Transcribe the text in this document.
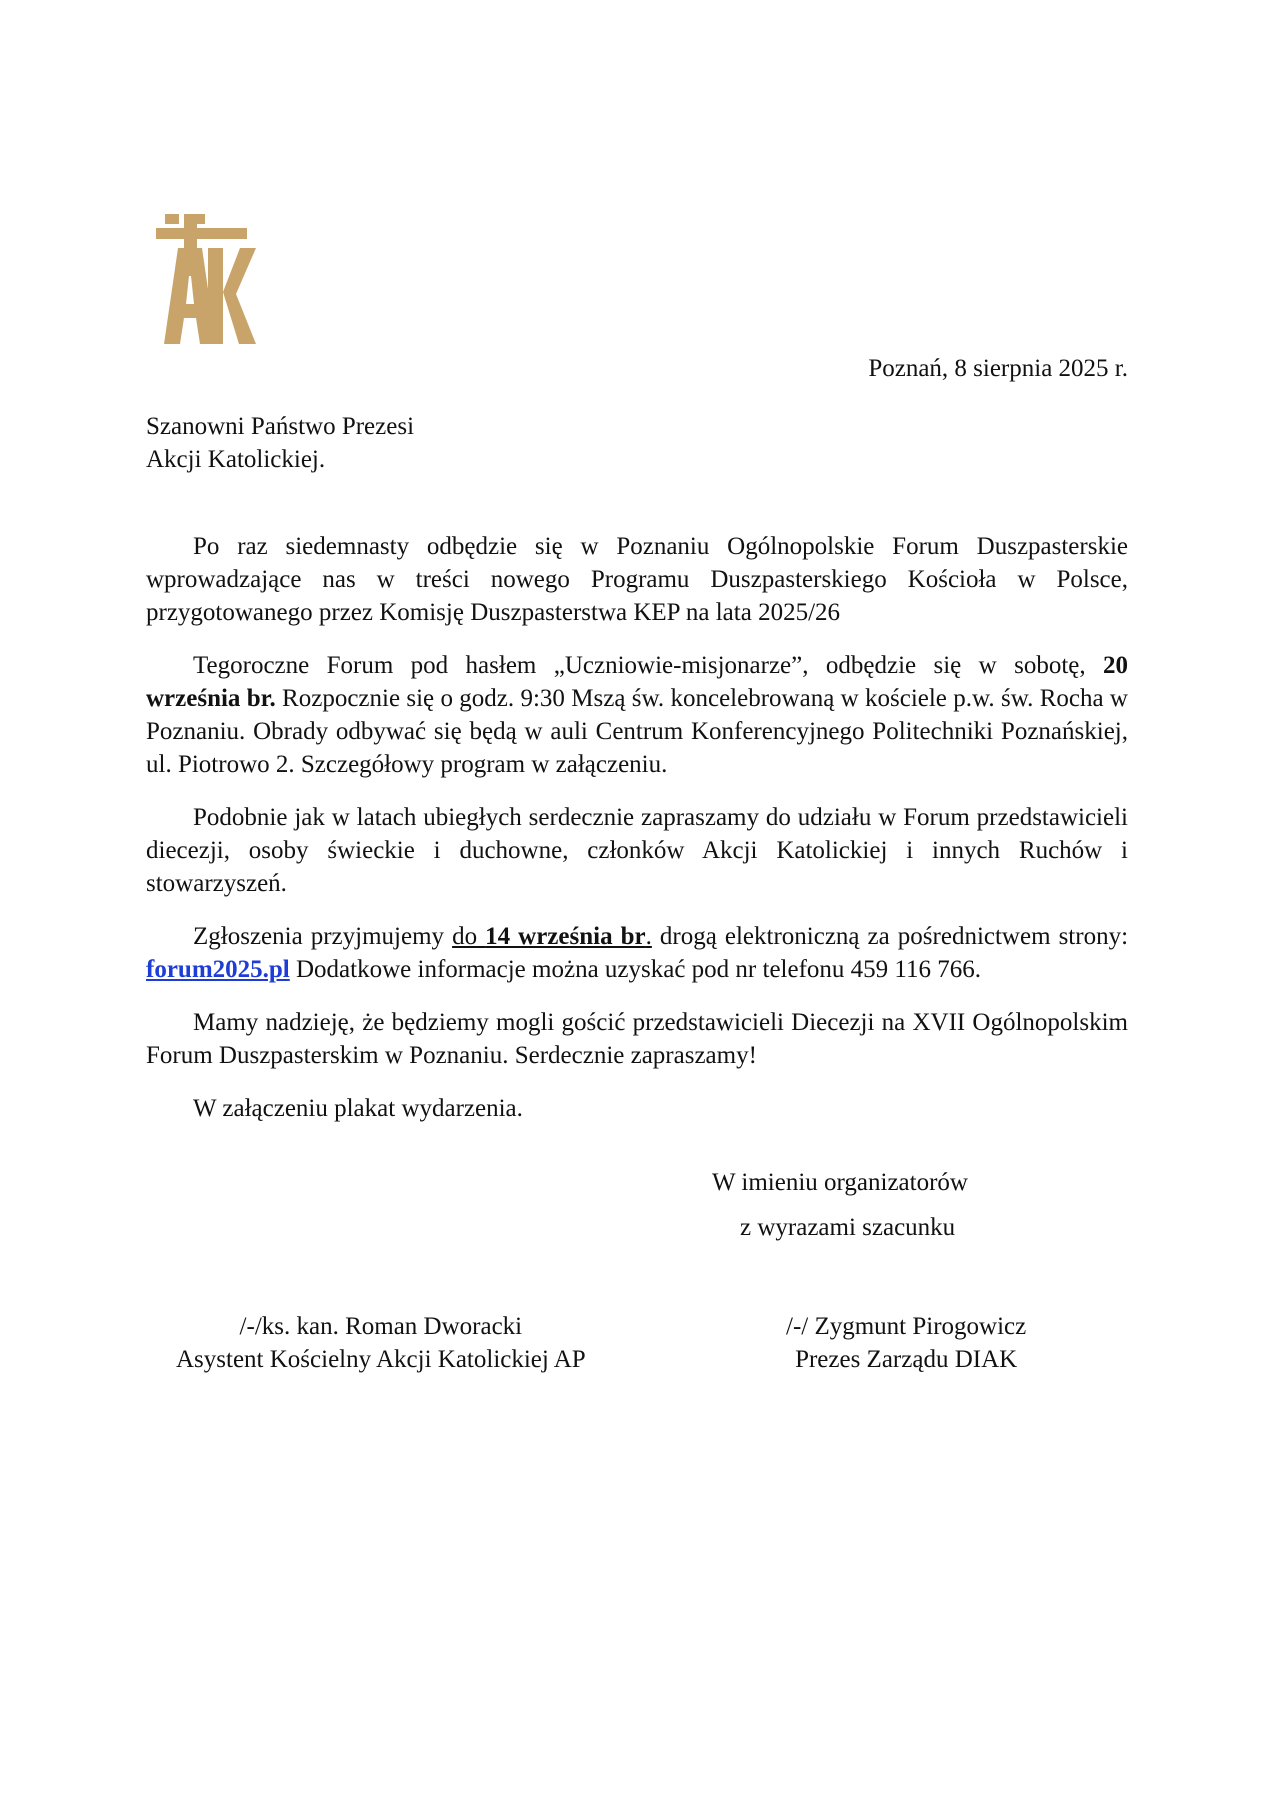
Poznań, 8 sierpnia 2025 r.
Szanowni Państwo Prezesi
Akcji Katolickiej.

Po raz siedemnasty odbędzie się w Poznaniu Ogólnopolskie Forum Duszpasterskie wprowadzające nas w treści nowego Programu Duszpasterskiego Kościoła w Polsce, przygotowanego przez Komisję Duszpasterstwa KEP na lata 2025/26

Tegoroczne Forum pod hasłem „Uczniowie-misjonarze”, odbędzie się w sobotę, 20 września br. Rozpocznie się o godz. 9:30 Mszą św. koncelebrowaną w kościele p.w. św. Rocha w Poznaniu. Obrady odbywać się będą w auli Centrum Konferencyjnego Politechniki Poznańskiej, ul. Piotrowo 2. Szczegółowy program w załączeniu.

Podobnie jak w latach ubiegłych serdecznie zapraszamy do udziału w Forum przedstawicieli diecezji, osoby świeckie i duchowne, członków Akcji Katolickiej i innych Ruchów i stowarzyszeń.

Zgłoszenia przyjmujemy do 14 września br. drogą elektroniczną za pośrednictwem strony: forum2025.pl Dodatkowe informacje można uzyskać pod nr telefonu 459 116 766.

Mamy nadzieję, że będziemy mogli gościć przedstawicieli Diecezji na XVII Ogólnopolskim Forum Duszpasterskim w Poznaniu. Serdecznie zapraszamy!

W załączeniu plakat wydarzenia.

W imieniu organizatorów
z wyrazami szacunku
/-/ks. kan. Roman Dworacki
Asystent Kościelny Akcji Katolickiej AP
/-/ Zygmunt Pirogowicz
Prezes Zarządu DIAK
